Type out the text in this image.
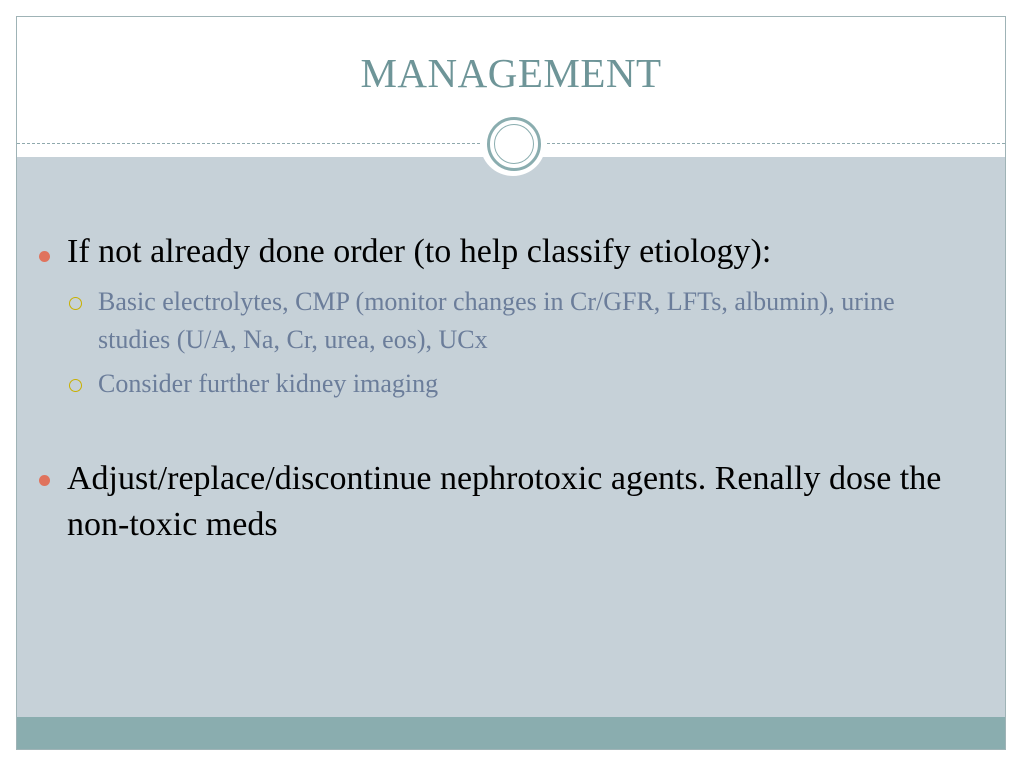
MANAGEMENT
If not already done order (to help classify etiology):
Basic electrolytes, CMP (monitor changes in Cr/GFR, LFTs, albumin), urine studies (U/A, Na, Cr, urea, eos), UCx
Consider further kidney imaging
Adjust/replace/discontinue nephrotoxic agents. Renally dose the non-toxic meds
